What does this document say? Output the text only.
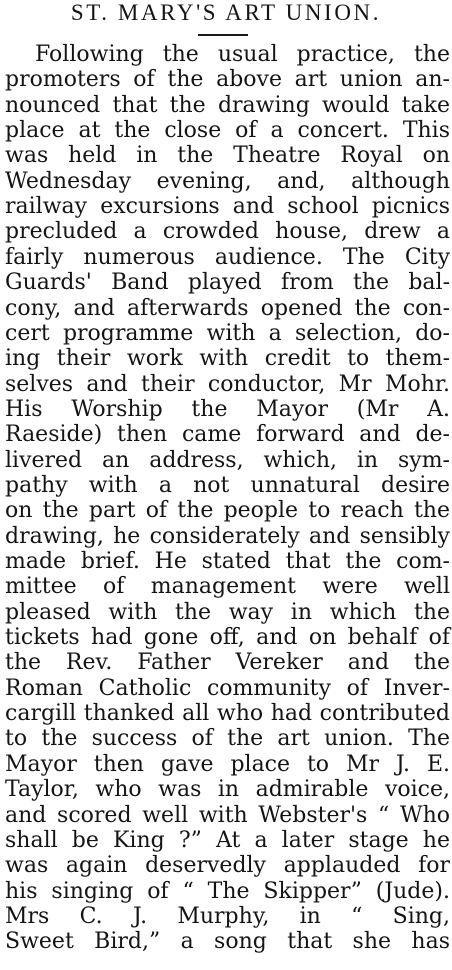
ST. MARY'S ART UNION.
Following the usual practice, the
promoters of the above art union an-
nounced that the drawing would take
place at the close of a concert. This
was held in the Theatre Royal on
Wednesday evening, and, although
railway excursions and school picnics
precluded a crowded house, drew a
fairly numerous audience. The City
Guards' Band played from the bal-
cony, and afterwards opened the con-
cert programme with a selection, do-
ing their work with credit to them-
selves and their conductor, Mr Mohr.
His Worship the Mayor (Mr A.
Raeside) then came forward and de-
livered an address, which, in sym-
pathy with a not unnatural desire
on the part of the people to reach the
drawing, he considerately and sensibly
made brief. He stated that the com-
mittee of management were well
pleased with the way in which the
tickets had gone off, and on behalf of
the Rev. Father Vereker and the
Roman Catholic community of Inver-
cargill thanked all who had contributed
to the success of the art union. The
Mayor then gave place to Mr J. E.
Taylor, who was in admirable voice,
and scored well with Webster's “ Who
shall be King ?” At a later stage he
was again deservedly applauded for
his singing of “ The Skipper” (Jude).
Mrs C. J. Murphy, in “ Sing,
Sweet Bird,” a song that she has
